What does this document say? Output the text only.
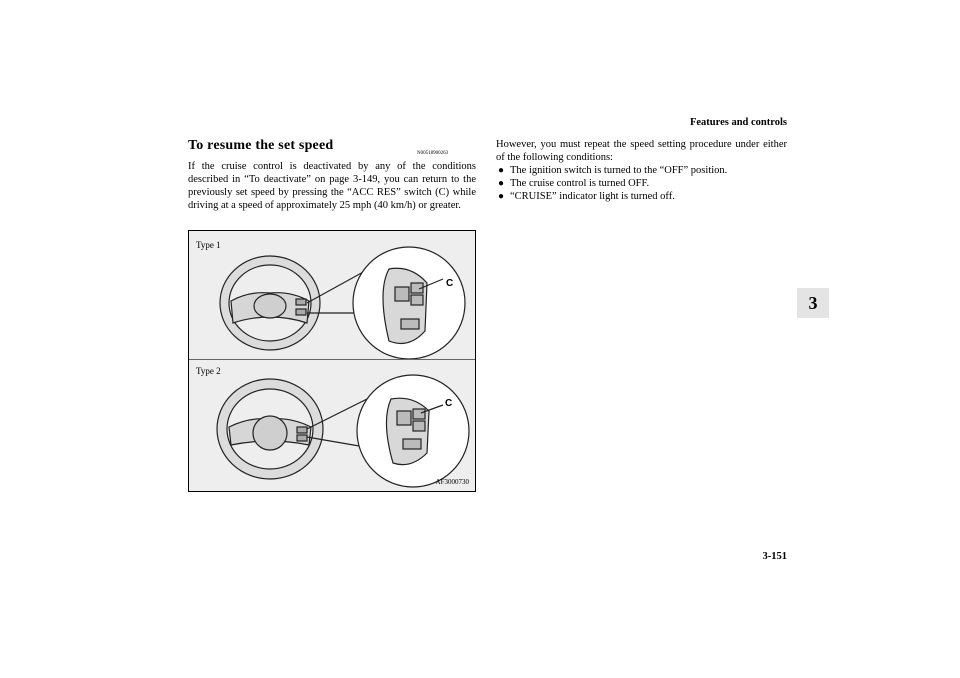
Features and controls
3
To resume the set speed
N00518900263
If the cruise control is deactivated by any of the conditions described in “To deactivate” on page 3-149, you can return to the previously set speed by pressing the “ACC RES” switch (C) while driving at a speed of approximately 25 mph (40 km/h) or greater.
C
C
Type 1
Type 2
AF3000730
However, you must repeat the speed setting procedure under either of the following conditions:
● The ignition switch is turned to the “OFF” position.
● The cruise control is turned OFF.
● “CRUISE” indicator light is turned off.
3-151
